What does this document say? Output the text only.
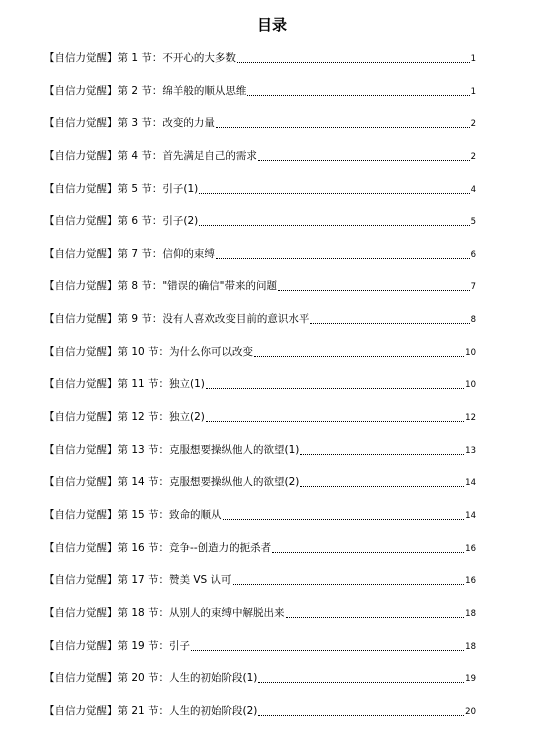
目录
【自信力觉醒】第 1 节：不开心的大多数	1
【自信力觉醒】第 2 节：绵羊般的顺从思维	1
【自信力觉醒】第 3 节：改变的力量	2
【自信力觉醒】第 4 节：首先满足自己的需求	2
【自信力觉醒】第 5 节：引子(1)	4
【自信力觉醒】第 6 节：引子(2)	5
【自信力觉醒】第 7 节：信仰的束缚	6
【自信力觉醒】第 8 节："错误的确信"带来的问题	7
【自信力觉醒】第 9 节：没有人喜欢改变目前的意识水平	8
【自信力觉醒】第 10 节：为什么你可以改变	10
【自信力觉醒】第 11 节：独立(1)	10
【自信力觉醒】第 12 节：独立(2)	12
【自信力觉醒】第 13 节：克服想要操纵他人的欲望(1)	13
【自信力觉醒】第 14 节：克服想要操纵他人的欲望(2)	14
【自信力觉醒】第 15 节：致命的顺从	14
【自信力觉醒】第 16 节：竞争--创造力的扼杀者	16
【自信力觉醒】第 17 节：赞美 VS 认可	16
【自信力觉醒】第 18 节：从别人的束缚中解脱出来	18
【自信力觉醒】第 19 节：引子	18
【自信力觉醒】第 20 节：人生的初始阶段(1)	19
【自信力觉醒】第 21 节：人生的初始阶段(2)	20
